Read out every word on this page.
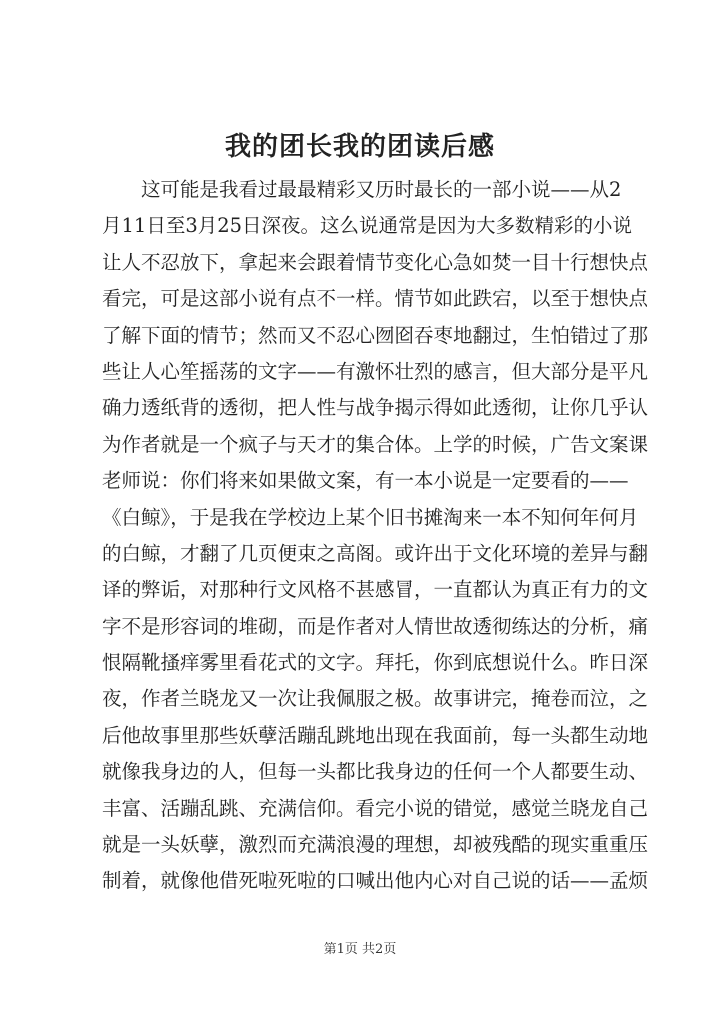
我的团长我的团读后感
　　这可能是我看过最最精彩又历时最长的一部小说——从2
月11日至3月25日深夜。这么说通常是因为大多数精彩的小说
让人不忍放下，拿起来会跟着情节变化心急如焚一目十行想快点
看完，可是这部小说有点不一样。情节如此跌宕，以至于想快点
了解下面的情节；然而又不忍心囫囵吞枣地翻过，生怕错过了那
些让人心笙摇荡的文字——有激怀壮烈的感言，但大部分是平凡
确力透纸背的透彻，把人性与战争揭示得如此透彻，让你几乎认
为作者就是一个疯子与天才的集合体。上学的时候，广告文案课
老师说：你们将来如果做文案，有一本小说是一定要看的——
《白鲸》，于是我在学校边上某个旧书摊淘来一本不知何年何月
的白鲸，才翻了几页便束之高阁。或许出于文化环境的差异与翻
译的弊诟，对那种行文风格不甚感冒，一直都认为真正有力的文
字不是形容词的堆砌，而是作者对人情世故透彻练达的分析，痛
恨隔靴搔痒雾里看花式的文字。拜托，你到底想说什么。昨日深
夜，作者兰晓龙又一次让我佩服之极。故事讲完，掩卷而泣，之
后他故事里那些妖孽活蹦乱跳地出现在我面前，每一头都生动地
就像我身边的人，但每一头都比我身边的任何一个人都要生动、
丰富、活蹦乱跳、充满信仰。看完小说的错觉，感觉兰晓龙自己
就是一头妖孽，激烈而充满浪漫的理想，却被残酷的现实重重压
制着，就像他借死啦死啦的口喊出他内心对自己说的话——孟烦
第1页 共2页
